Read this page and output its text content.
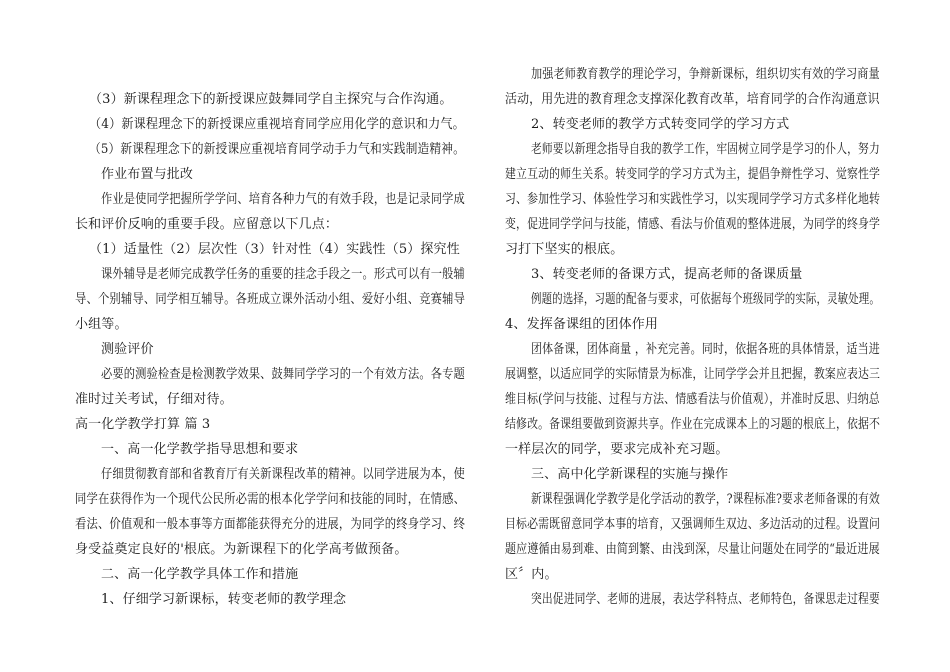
（3）新课程理念下的新授课应鼓舞同学自主探究与合作沟通。
（4）新课程理念下的新授课应重视培育同学应用化学的意识和力气。
（5）新课程理念下的新授课应重视培育同学动手力气和实践制造精神。
作业布置与批改
作业是使同学把握所学学问、培育各种力气的有效手段，也是记录同学成
长和评价反响的重要手段。应留意以下几点：
（1）适量性（2）层次性（3）针对性（4）实践性（5）探究性
课外辅导是老师完成教学任务的重要的挂念手段之一。形式可以有一般辅
导、个别辅导、同学相互辅导。各班成立课外活动小组、爱好小组、竞赛辅导
小组等。
测验评价
必要的测验检查是检测教学效果、鼓舞同学学习的一个有效方法。各专题
准时过关考试，仔细对待。
高一化学教学打算 篇 3
一、高一化学教学指导思想和要求
仔细贯彻教育部和省教育厅有关新课程改革的精神。以同学进展为本，使
同学在获得作为一个现代公民所必需的根本化学学问和技能的同时，在情感、
看法、价值观和一般本事等方面都能获得充分的进展，为同学的终身学习、终
身受益奠定良好的'根底。为新课程下的化学高考做预备。
二、高一化学教学具体工作和措施
1、仔细学习新课标，转变老师的教学理念
加强老师教育教学的理论学习，争辩新课标，组织切实有效的学习商量
活动，用先进的教育理念支撑深化教育改革，培育同学的合作沟通意识
2、转变老师的教学方式转变同学的学习方式
老师要以新理念指导自我的教学工作，牢固树立同学是学习的仆人，努力
建立互动的师生关系。转变同学的学习方式为主，提倡争辩性学习、觉察性学
习、参加性学习、体验性学习和实践性学习，以实现同学学习方式多样化地转
变，促进同学学问与技能，情感、看法与价值观的整体进展，为同学的终身学
习打下坚实的根底。
3、转变老师的备课方式，提高老师的备课质量
例题的选择，习题的配备与要求，可依据每个班级同学的实际，灵敏处理。
4、发挥备课组的团体作用
团体备课，团体商量 ，补充完善。同时，依据各班的具体情景，适当进
展调整，以适应同学的实际情景为标准，让同学学会并且把握，教案应表达三
维目标(学问与技能、过程与方法、情感看法与价值观），并准时反思、归纳总
结修改。备课组要做到资源共享。作业在完成课本上的习题的根底上，依据不
一样层次的同学，要求完成补充习题。
三、高中化学新课程的实施与操作
新课程强调化学教学是化学活动的教学，?课程标准?要求老师备课的有效
目标必需既留意同学本事的培育，又强调师生双边、多边活动的过程。设置问
题应遵循由易到难、由简到繁、由浅到深，尽量让问题处在同学的“最近进展
区〞内。
突出促进同学、老师的进展，表达学科特点、老师特色，备课思走过程要
